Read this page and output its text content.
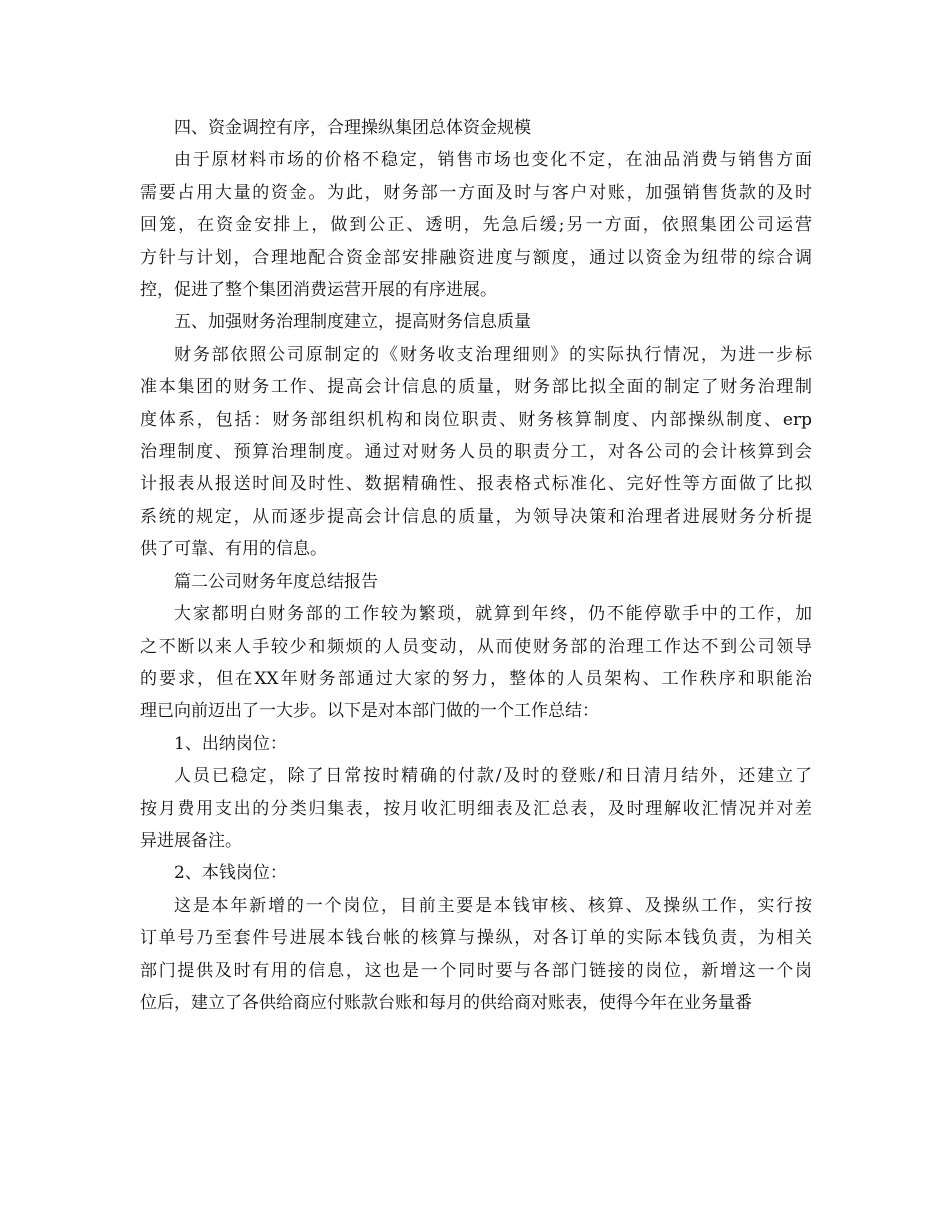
四、资金调控有序，合理操纵集团总体资金规模
由于原材料市场的价格不稳定，销售市场也变化不定，在油品消费与销售方面
需要占用大量的资金。为此，财务部一方面及时与客户对账，加强销售货款的及时
回笼，在资金安排上，做到公正、透明，先急后缓;另一方面，依照集团公司运营
方针与计划，合理地配合资金部安排融资进度与额度，通过以资金为纽带的综合调
控，促进了整个集团消费运营开展的有序进展。
五、加强财务治理制度建立，提高财务信息质量
财务部依照公司原制定的《财务收支治理细则》的实际执行情况，为进一步标
准本集团的财务工作、提高会计信息的质量，财务部比拟全面的制定了财务治理制
度体系，包括：财务部组织机构和岗位职责、财务核算制度、内部操纵制度、erp
治理制度、预算治理制度。通过对财务人员的职责分工，对各公司的会计核算到会
计报表从报送时间及时性、数据精确性、报表格式标准化、完好性等方面做了比拟
系统的规定，从而逐步提高会计信息的质量，为领导决策和治理者进展财务分析提
供了可靠、有用的信息。
篇二公司财务年度总结报告
大家都明白财务部的工作较为繁琐，就算到年终，仍不能停歇手中的工作，加
之不断以来人手较少和频烦的人员变动，从而使财务部的治理工作达不到公司领导
的要求，但在XX年财务部通过大家的努力，整体的人员架构、工作秩序和职能治
理已向前迈出了一大步。以下是对本部门做的一个工作总结：
1、出纳岗位：
人员已稳定，除了日常按时精确的付款/及时的登账/和日清月结外，还建立了
按月费用支出的分类归集表，按月收汇明细表及汇总表，及时理解收汇情况并对差
异进展备注。
2、本钱岗位：
这是本年新增的一个岗位，目前主要是本钱审核、核算、及操纵工作，实行按
订单号乃至套件号进展本钱台帐的核算与操纵，对各订单的实际本钱负责，为相关
部门提供及时有用的信息，这也是一个同时要与各部门链接的岗位，新增这一个岗
位后，建立了各供给商应付账款台账和每月的供给商对账表，使得今年在业务量番
